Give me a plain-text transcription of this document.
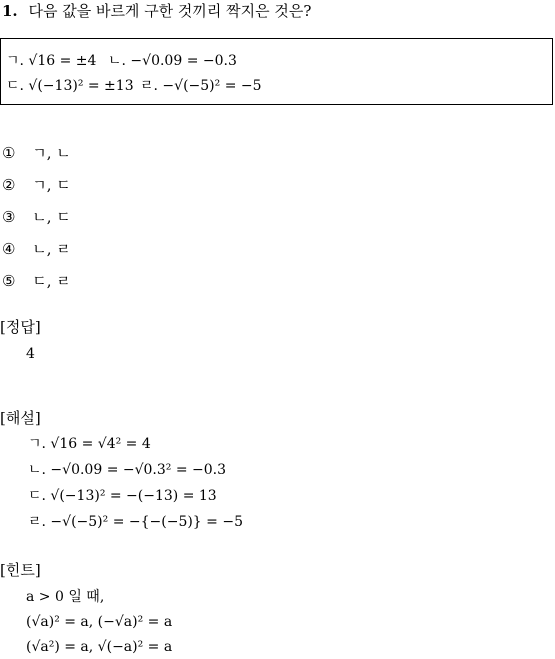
1. 다음 값을 바르게 구한 것끼리 짝지은 것은?
ㄱ. √16 = ±4 ㄴ. −√0.09 = −0.3
ㄷ. √(−13)² = ±13 ㄹ. −√(−5)² = −5
① ㄱ, ㄴ
② ㄱ, ㄷ
③ ㄴ, ㄷ
④ ㄴ, ㄹ
⑤ ㄷ, ㄹ
[정답]
4
[해설]
ㄱ. √16 = √4² = 4
ㄴ. −√0.09 = −√0.3² = −0.3
ㄷ. √(−13)² = −(−13) = 13
ㄹ. −√(−5)² = −{−(−5)} = −5
[힌트]
a > 0 일 때,
(√a)² = a, (−√a)² = a
(√a²) = a, √(−a)² = a
